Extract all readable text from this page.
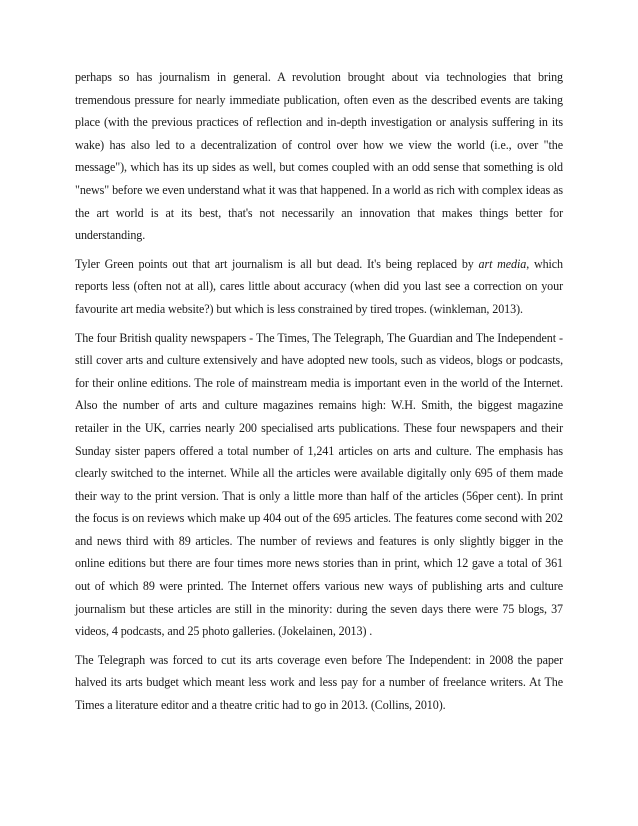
perhaps so has journalism in general. A revolution brought about via technologies that bring tremendous pressure for nearly immediate publication, often even as the described events are taking place (with the previous practices of reflection and in-depth investigation or analysis suffering in its wake) has also led to a decentralization of control over how we view the world (i.e., over "the message"), which has its up sides as well, but comes coupled with an odd sense that something is old "news" before we even understand what it was that happened. In a world as rich with complex ideas as the art world is at its best, that's not necessarily an innovation that makes things better for understanding.

Tyler Green points out that art journalism is all but dead. It's being replaced by art media, which reports less (often not at all), cares little about accuracy (when did you last see a correction on your favourite art media website?) but which is less constrained by tired tropes. (winkleman, 2013).

The four British quality newspapers - The Times, The Telegraph, The Guardian and The Independent - still cover arts and culture extensively and have adopted new tools, such as videos, blogs or podcasts, for their online editions. The role of mainstream media is important even in the world of the Internet. Also the number of arts and culture magazines remains high: W.H. Smith, the biggest magazine retailer in the UK, carries nearly 200 specialised arts publications. These four newspapers and their Sunday sister papers offered a total number of 1,241 articles on arts and culture. The emphasis has clearly switched to the internet. While all the articles were available digitally only 695 of them made their way to the print version. That is only a little more than half of the articles (56per cent). In print the focus is on reviews which make up 404 out of the 695 articles. The features come second with 202 and news third with 89 articles. The number of reviews and features is only slightly bigger in the online editions but there are four times more news stories than in print, which 12 gave a total of 361 out of which 89 were printed. The Internet offers various new ways of publishing arts and culture journalism but these articles are still in the minority: during the seven days there were 75 blogs, 37 videos, 4 podcasts, and 25 photo galleries. (Jokelainen, 2013) .

The Telegraph was forced to cut its arts coverage even before The Independent: in 2008 the paper halved its arts budget which meant less work and less pay for a number of freelance writers. At The Times a literature editor and a theatre critic had to go in 2013. (Collins, 2010).
